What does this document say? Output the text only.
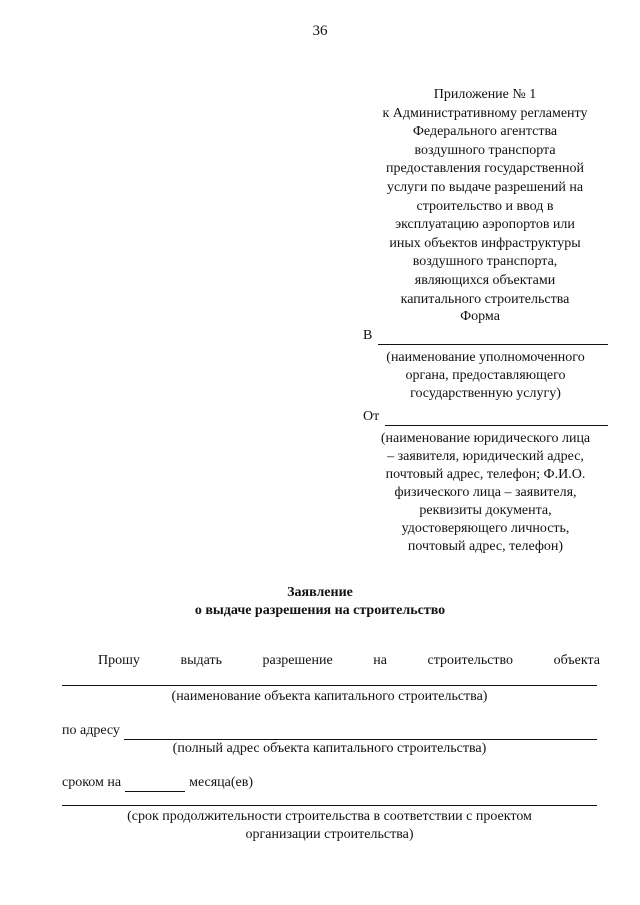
36
Приложение № 1
к Административному регламенту
Федерального агентства
воздушного транспорта
предоставления государственной
услуги по выдаче разрешений на
строительство и ввод в
эксплуатацию аэропортов или
иных объектов инфраструктуры
воздушного транспорта,
являющихся объектами
капитального строительства
Форма
В
(наименование уполномоченного
органа, предоставляющего
государственную услугу)
От
(наименование юридического лица
– заявителя, юридический адрес,
почтовый адрес, телефон; Ф.И.О.
физического лица – заявителя,
реквизиты документа,
удостоверяющего личность,
почтовый адрес, телефон)
Заявление
о выдаче разрешения на строительство
Прошу	выдать	разрешение	на	строительство	объекта
(наименование объекта капитального строительства)
по адресу
(полный адрес объекта капитального строительства)
сроком на	месяца(ев)
(срок продолжительности строительства в соответствии с проектом
организации строительства)
